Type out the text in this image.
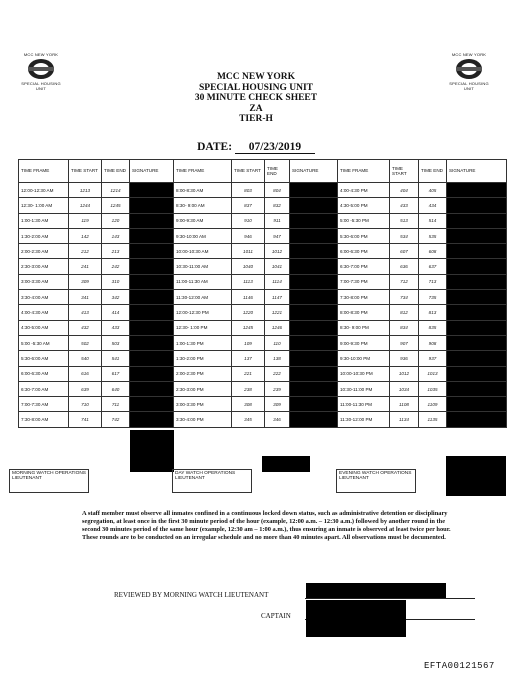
MCC NEW YORK
SPECIAL HOUSING UNIT
MCC NEW YORK
SPECIAL HOUSING UNIT
MCC NEW YORK
SPECIAL HOUSING UNIT
30 MINUTE CHECK SHEET
ZA
TIER-H
DATE: 07/23/2019
TIME FRAME	TIME START	TIME END	SIGNATURE	TIME FRAME	TIME START	TIME END	SIGNATURE	TIME FRAME	TIME START	TIME END	SIGNATURE
12:00-12:30 AM	1213	1214		8:00-8:30 AM	803	804		4:00-4:30 PM	404	405	
12:30- 1:00 AM	1244	1245		8:30- 9:00 AM	837	832		4:30-5:00 PM	433	434	
1:00-1:30 AM	119	120		9:00-9:30 AM	910	911		5:00 -5:30 PM	513	514	
1:30-2:00 AM	142	143		9:30-10:00 AM	946	947		5:30-6:00 PM	534	535	
2:00-2:30 AM	212	213		10:00-10:30 AM	1011	1012		6:00-6:30 PM	607	608	
2:30-3:00 AM	241	242		10:30-11:00 AM	1040	1041		6:30-7:00 PM	636	637	
3:00-3:30 AM	309	310		11:00-11:30 AM	1113	1114		7:00-7:30 PM	712	713	
3:30-4:00 AM	341	342		11:30-12:00 AM	1146	1147		7:30-8:00 PM	734	735	
4:00-4:30 AM	413	414		12:00-12:30 PM	1220	1221		8:00-8:30 PM	812	813	
4:30-5:00 AM	432	433		12:30- 1:00 PM	1245	1246		8:30- 9:00 PM	834	835	
5:00 -5:30 AM	502	503		1:00-1:30 PM	109	110		9:00-9:30 PM	907	908	
5:30-6:00 AM	540	541		1:30-2:00 PM	137	138		9:30-10:00 PM	936	937	
6:00-6:30 AM	616	617		2:00-2:30 PM	221	222		10:00-10:30 PM	1012	1013	
6:30-7:00 AM	639	640		2:30-3:00 PM	238	239		10:30-11:00 PM	1034	1035	
7:00-7:30 AM	710	711		3:00-3:30 PM	308	309		11:00-11:30 PM	1108	1109	
7:30-8:00 AM	741	742		3:30-4:00 PM	345	346		11:30-12:00 PM	1134	1135	
MORNING WATCH OPERATIONS LIEUTENANT
DAY WATCH OPERATIONS LIEUTENANT
EVENING WATCH OPERATIONS LIEUTENANT
A staff member must observe all inmates confined in a continuous locked down status, such as administrative detention or disciplinary segregation, at least once in the first 30 minute period of the hour (example, 12:00 a.m. – 12:30 a.m.) followed by another round in the second 30 minutes period of the same hour (example, 12:30 am – 1:00 a.m.), thus ensuring an inmate is observed at least twice per hour. These rounds are to be conducted on an irregular schedule and no more than 40 minutes apart. All observations must be documented.
REVIEWED BY MORNING WATCH LIEUTENANT
CAPTAIN
EFTA00121567
